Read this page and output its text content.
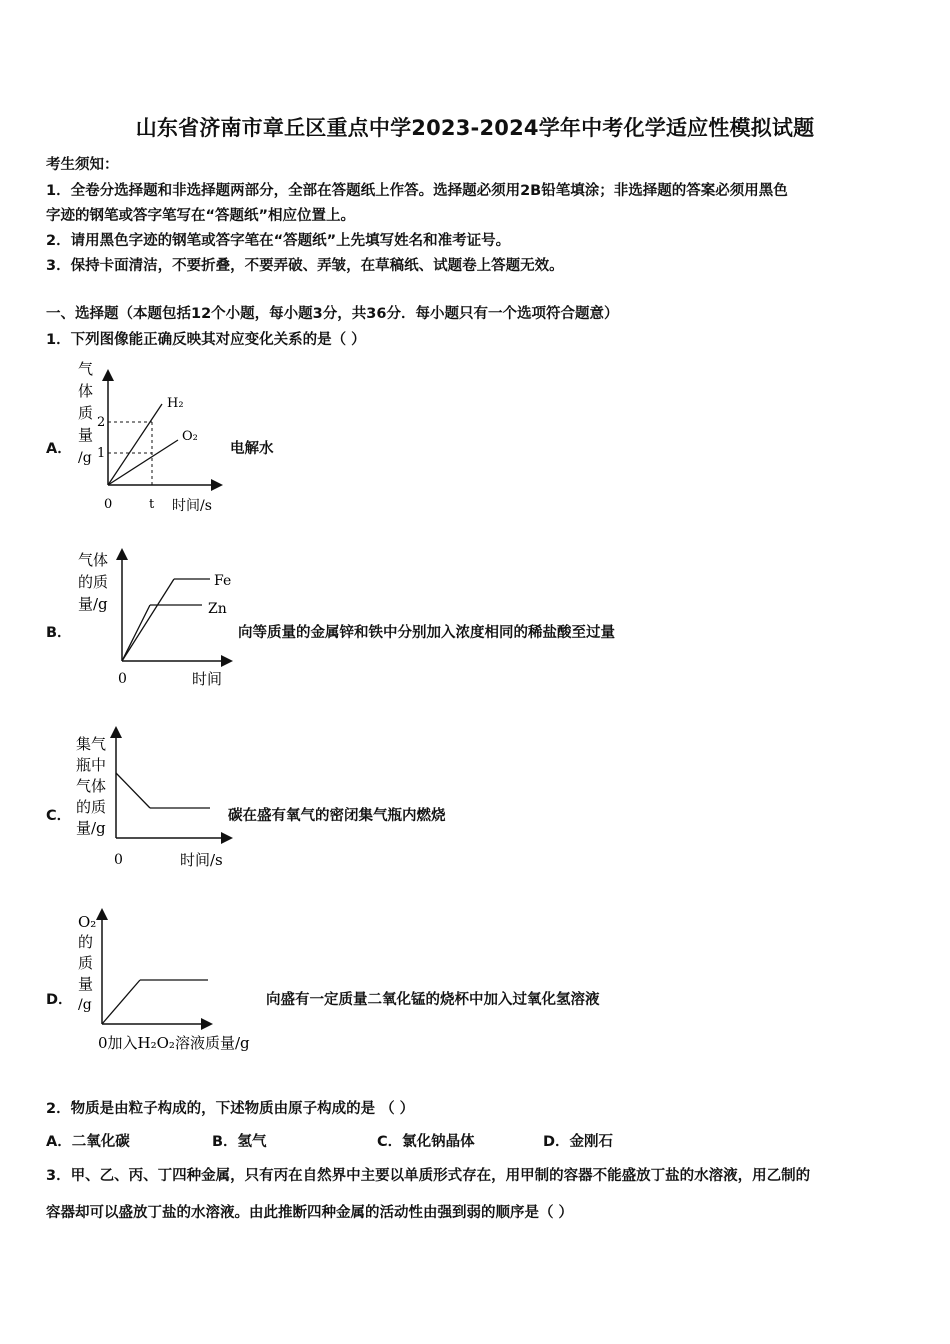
山东省济南市章丘区重点中学2023-2024学年中考化学适应性模拟试题
考生须知：
1．全卷分选择题和非选择题两部分，全部在答题纸上作答。选择题必须用2B铅笔填涂；非选择题的答案必须用黑色
字迹的钢笔或答字笔写在“答题纸”相应位置上。
2．请用黑色字迹的钢笔或答字笔在“答题纸”上先填写姓名和准考证号。
3．保持卡面清洁，不要折叠，不要弄破、弄皱，在草稿纸、试题卷上答题无效。
一、选择题（本题包括12个小题，每小题3分，共36分．每小题只有一个选项符合题意）
1．下列图像能正确反映其对应变化关系的是（ ）
A．
气
体
质
量
/g
2
1
H₂
O₂
0	t 时间/s
电解水
B．
气体
的质
量/g
Fe
Zn
0	时间
向等质量的金属锌和铁中分别加入浓度相同的稀盐酸至过量
C．
集气
瓶中
气体
的质
量/g
0	时间/s
碳在盛有氧气的密闭集气瓶内燃烧
D．
O₂
的
质
量
/g
0加入H₂O₂溶液质量/g
向盛有一定质量二氧化锰的烧杯中加入过氧化氢溶液
2．物质是由粒子构成的，下述物质由原子构成的是 （ ）
A．二氧化碳	B．氢气	C．氯化钠晶体	D．金刚石
3．甲、乙、丙、丁四种金属，只有丙在自然界中主要以单质形式存在，用甲制的容器不能盛放丁盐的水溶液，用乙制的
容器却可以盛放丁盐的水溶液。由此推断四种金属的活动性由强到弱的顺序是（ ）
